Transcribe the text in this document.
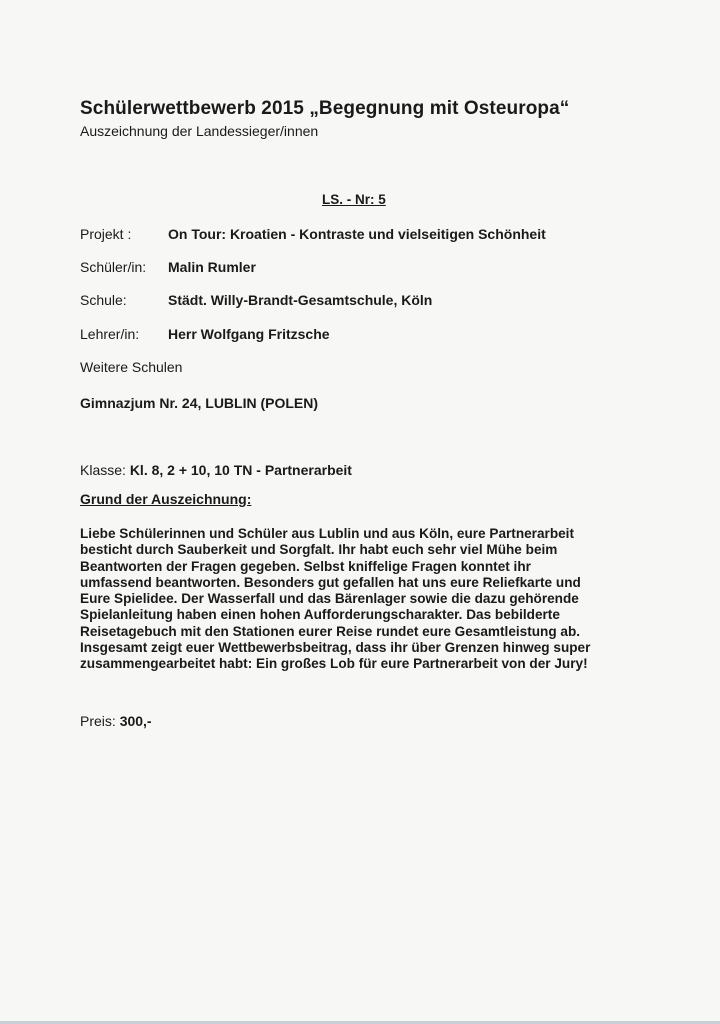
Schülerwettbewerb 2015 „Begegnung mit Osteuropa“
Auszeichnung der Landessieger/innen
LS. - Nr: 5
Projekt :	On Tour: Kroatien - Kontraste und vielseitigen Schönheit
Schüler/in: Malin Rumler
Schule:	Städt. Willy-Brandt-Gesamtschule, Köln
Lehrer/in: Herr Wolfgang Fritzsche
Weitere Schulen
Gimnazjum Nr. 24, LUBLIN (POLEN)
Klasse: Kl. 8, 2 + 10, 10 TN - Partnerarbeit
Grund der Auszeichnung:
Liebe Schülerinnen und Schüler aus Lublin und aus Köln, eure Partnerarbeit
besticht durch Sauberkeit und Sorgfalt. Ihr habt euch sehr viel Mühe beim
Beantworten der Fragen gegeben. Selbst kniffelige Fragen konntet ihr
umfassend beantworten. Besonders gut gefallen hat uns eure Reliefkarte und
Eure Spielidee. Der Wasserfall und das Bärenlager sowie die dazu gehörende
Spielanleitung haben einen hohen Aufforderungscharakter. Das bebilderte
Reisetagebuch mit den Stationen eurer Reise rundet eure Gesamtleistung ab.
Insgesamt zeigt euer Wettbewerbsbeitrag, dass ihr über Grenzen hinweg super
zusammengearbeitet habt: Ein großes Lob für eure Partnerarbeit von der Jury!
Preis: 300,-
